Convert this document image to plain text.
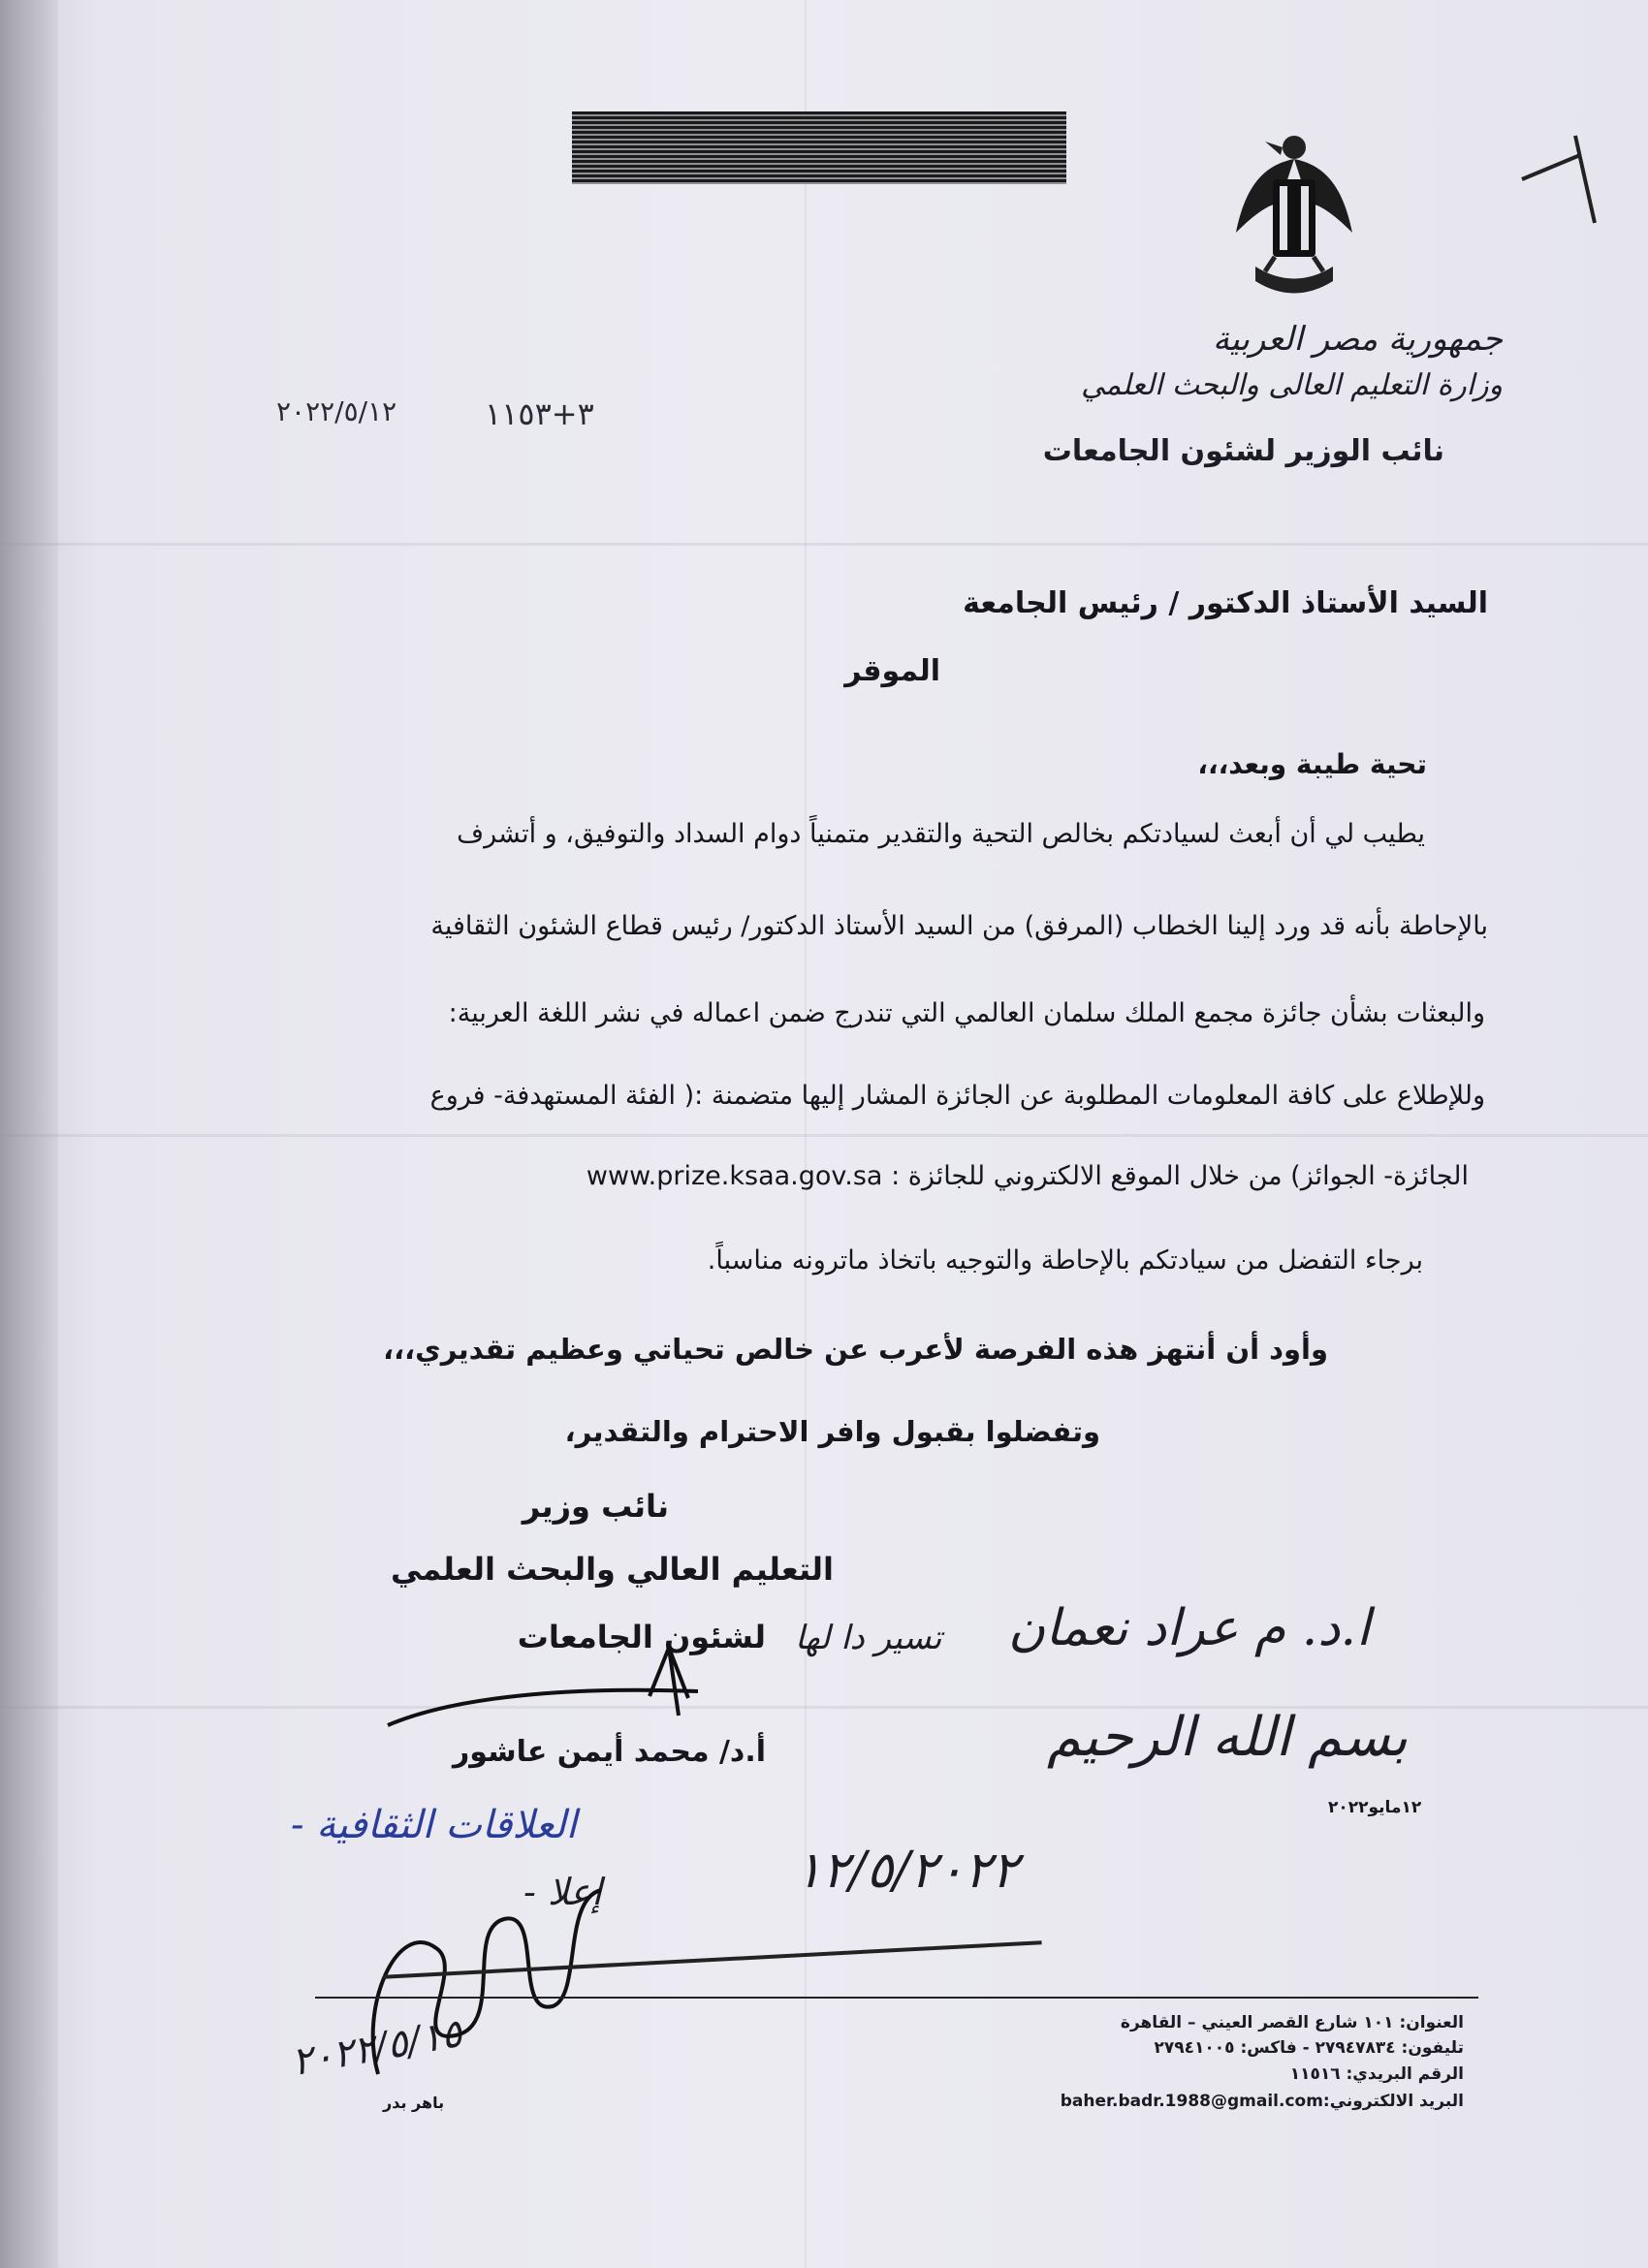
جمهورية مصر العربية
وزارة التعليم العالى والبحث العلمي
نائب الوزير لشئون الجامعات
٣+١١٥٣
٢٠٢٢/٥/١٢
السيد الأستاذ الدكتور / رئيس الجامعة
الموقر
تحية طيبة وبعد،،،
يطيب لي أن أبعث لسيادتكم بخالص التحية والتقدير متمنياً دوام السداد والتوفيق، و أتشرف
بالإحاطة بأنه قد ورد إلينا الخطاب (المرفق) من السيد الأستاذ الدكتور/ رئيس قطاع الشئون الثقافية
والبعثات بشأن جائزة مجمع الملك سلمان العالمي التي تندرج ضمن اعماله في نشر اللغة العربية:
وللإطلاع على كافة المعلومات المطلوبة عن الجائزة المشار إليها متضمنة :( الفئة المستهدفة- فروع
الجائزة- الجوائز) من خلال الموقع الالكتروني للجائزة : www.prize.ksaa.gov.sa
برجاء التفضل من سيادتكم بالإحاطة والتوجيه باتخاذ ماترونه مناسباً.
وأود أن أنتهز هذه الفرصة لأعرب عن خالص تحياتي وعظيم تقديري،،،
وتفضلوا بقبول وافر الاحترام والتقدير،
نائب وزير
التعليم العالي والبحث العلمي
لشئون الجامعات
أ.د/ محمد أيمن عاشور
ا.د. م عراد نعمان
تسير دا لها
بسم الله الرحيم
١٢مايو٢٠٢٢
- العلاقات الثقافية
- إعلا	١٢/٥/٢٠٢٢
٢٠٢٢/٥/١٥	العنوان: ١٠١ شارع القصر العيني – القاهرة
تليفون: ٢٧٩٤٧٨٣٤ - فاكس: ٢٧٩٤١٠٠٥
الرقم البريدي: ١١٥١٦
البريد الالكتروني:baher.badr.1988@gmail.com
باهر بدر
